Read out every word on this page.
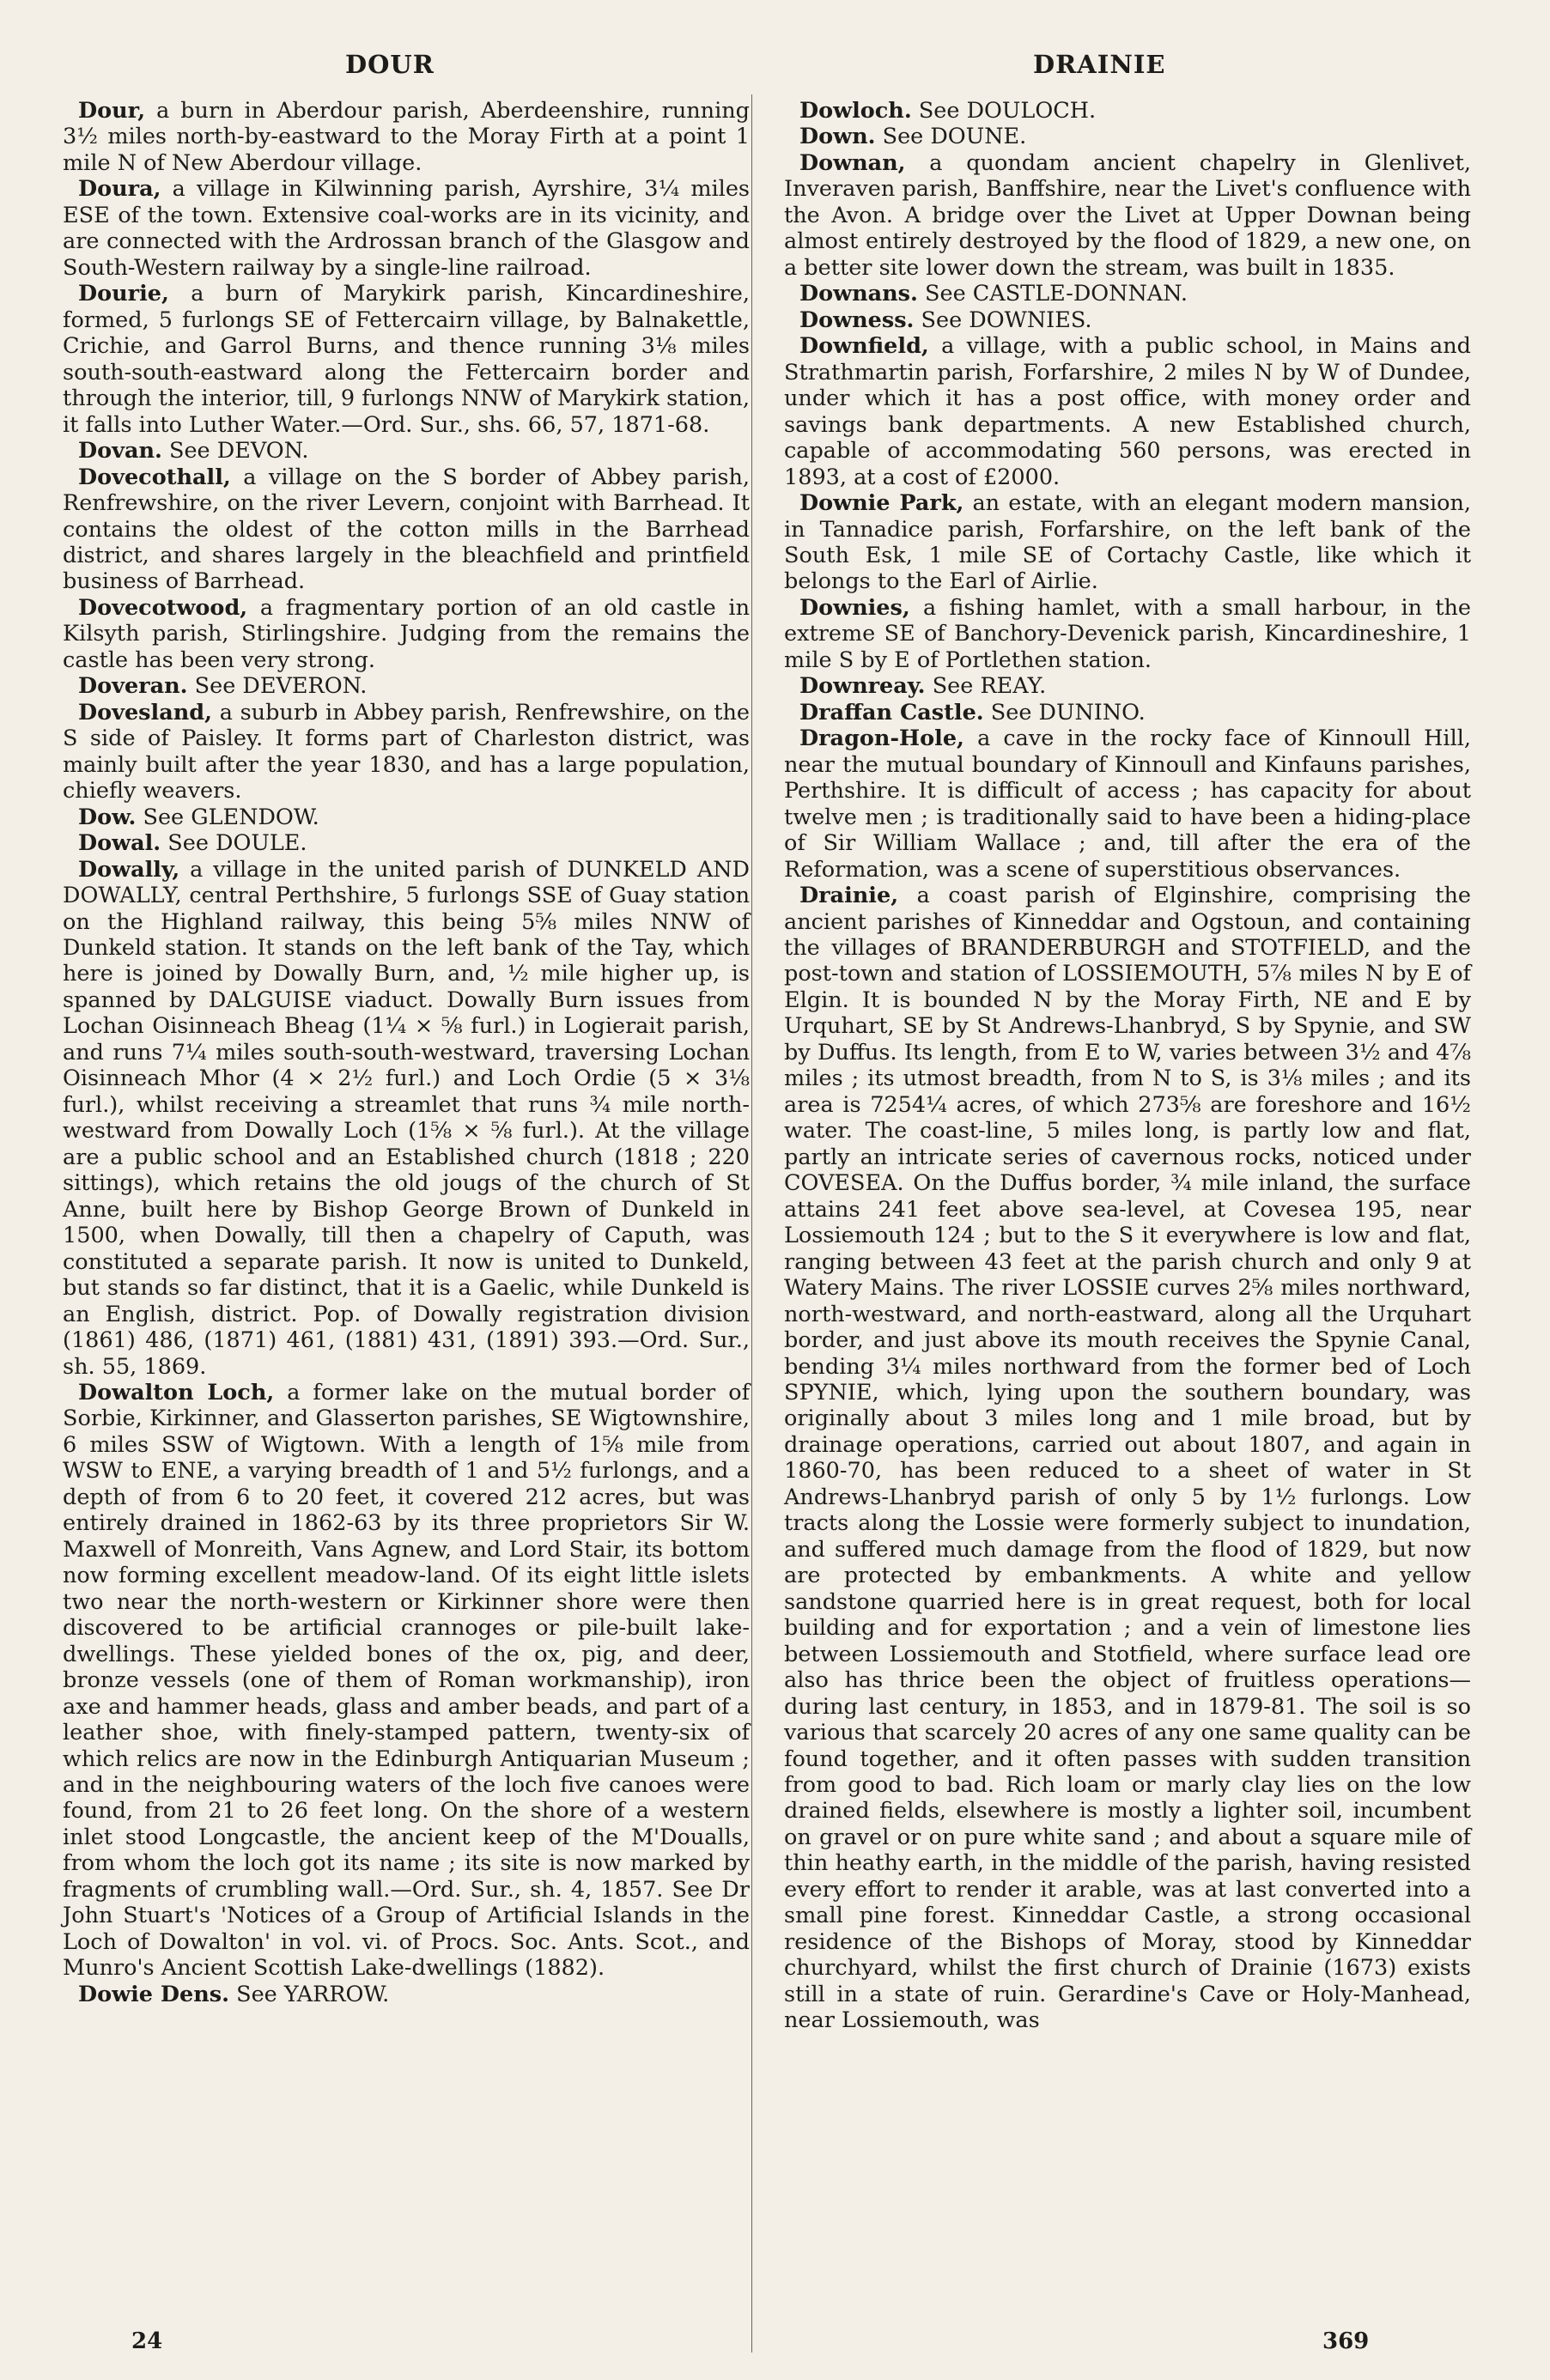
DOUR	DRAINIE

Dour, a burn in Aberdour parish, Aberdeenshire, running 3½ miles north-by-eastward to the Moray Firth at a point 1 mile N of New Aberdour village.

Doura, a village in Kilwinning parish, Ayrshire, 3¼ miles ESE of the town. Extensive coal-works are in its vicinity, and are connected with the Ardrossan branch of the Glasgow and South-Western railway by a single-line railroad.

Dourie, a burn of Marykirk parish, Kincardineshire, formed, 5 furlongs SE of Fettercairn village, by Balnakettle, Crichie, and Garrol Burns, and thence running 3⅛ miles south-south-eastward along the Fettercairn border and through the interior, till, 9 furlongs NNW of Marykirk station, it falls into Luther Water.—Ord. Sur., shs. 66, 57, 1871-68.

Dovan. See DEVON.

Dovecothall, a village on the S border of Abbey parish, Renfrewshire, on the river Levern, conjoint with Barrhead. It contains the oldest of the cotton mills in the Barrhead district, and shares largely in the bleachfield and printfield business of Barrhead.

Dovecotwood, a fragmentary portion of an old castle in Kilsyth parish, Stirlingshire. Judging from the remains the castle has been very strong.

Doveran. See DEVERON.

Dovesland, a suburb in Abbey parish, Renfrewshire, on the S side of Paisley. It forms part of Charleston district, was mainly built after the year 1830, and has a large population, chiefly weavers.

Dow. See GLENDOW.

Dowal. See DOULE.

Dowally, a village in the united parish of DUNKELD AND DOWALLY, central Perthshire, 5 furlongs SSE of Guay station on the Highland railway, this being 5⅝ miles NNW of Dunkeld station. It stands on the left bank of the Tay, which here is joined by Dowally Burn, and, ½ mile higher up, is spanned by DALGUISE viaduct. Dowally Burn issues from Lochan Oisinneach Bheag (1¼ × ⅝ furl.) in Logierait parish, and runs 7¼ miles south-south-westward, traversing Lochan Oisinneach Mhor (4 × 2½ furl.) and Loch Ordie (5 × 3⅛ furl.), whilst receiving a streamlet that runs ¾ mile north-westward from Dowally Loch (1⅝ × ⅝ furl.). At the village are a public school and an Established church (1818 ; 220 sittings), which retains the old jougs of the church of St Anne, built here by Bishop George Brown of Dunkeld in 1500, when Dowally, till then a chapelry of Caputh, was constituted a separate parish. It now is united to Dunkeld, but stands so far distinct, that it is a Gaelic, while Dunkeld is an English, district. Pop. of Dowally registration division (1861) 486, (1871) 461, (1881) 431, (1891) 393.—Ord. Sur., sh. 55, 1869.

Dowalton Loch, a former lake on the mutual border of Sorbie, Kirkinner, and Glasserton parishes, SE Wigtownshire, 6 miles SSW of Wigtown. With a length of 1⅝ mile from WSW to ENE, a varying breadth of 1 and 5½ furlongs, and a depth of from 6 to 20 feet, it covered 212 acres, but was entirely drained in 1862-63 by its three proprietors Sir W. Maxwell of Monreith, Vans Agnew, and Lord Stair, its bottom now forming excellent meadow-land. Of its eight little islets two near the north-western or Kirkinner shore were then discovered to be artificial crannoges or pile-built lake-dwellings. These yielded bones of the ox, pig, and deer, bronze vessels (one of them of Roman workmanship), iron axe and hammer heads, glass and amber beads, and part of a leather shoe, with finely-stamped pattern, twenty-six of which relics are now in the Edinburgh Antiquarian Museum ; and in the neighbouring waters of the loch five canoes were found, from 21 to 26 feet long. On the shore of a western inlet stood Longcastle, the ancient keep of the M'Doualls, from whom the loch got its name ; its site is now marked by fragments of crumbling wall.—Ord. Sur., sh. 4, 1857. See Dr John Stuart's 'Notices of a Group of Artificial Islands in the Loch of Dowalton' in vol. vi. of Procs. Soc. Ants. Scot., and Munro's Ancient Scottish Lake-dwellings (1882).

Dowie Dens. See YARROW.

Dowloch. See DOULOCH.

Down. See DOUNE.

Downan, a quondam ancient chapelry in Glenlivet, Inveraven parish, Banffshire, near the Livet's confluence with the Avon. A bridge over the Livet at Upper Downan being almost entirely destroyed by the flood of 1829, a new one, on a better site lower down the stream, was built in 1835.

Downans. See CASTLE-DONNAN.

Downess. See DOWNIES.

Downfield, a village, with a public school, in Mains and Strathmartin parish, Forfarshire, 2 miles N by W of Dundee, under which it has a post office, with money order and savings bank departments. A new Established church, capable of accommodating 560 persons, was erected in 1893, at a cost of £2000.

Downie Park, an estate, with an elegant modern mansion, in Tannadice parish, Forfarshire, on the left bank of the South Esk, 1 mile SE of Cortachy Castle, like which it belongs to the Earl of Airlie.

Downies, a fishing hamlet, with a small harbour, in the extreme SE of Banchory-Devenick parish, Kincardineshire, 1 mile S by E of Portlethen station.

Downreay. See REAY.

Draffan Castle. See DUNINO.

Dragon-Hole, a cave in the rocky face of Kinnoull Hill, near the mutual boundary of Kinnoull and Kinfauns parishes, Perthshire. It is difficult of access ; has capacity for about twelve men ; is traditionally said to have been a hiding-place of Sir William Wallace ; and, till after the era of the Reformation, was a scene of superstitious observances.

Drainie, a coast parish of Elginshire, comprising the ancient parishes of Kinneddar and Ogstoun, and containing the villages of BRANDERBURGH and STOTFIELD, and the post-town and station of LOSSIEMOUTH, 5⅞ miles N by E of Elgin. It is bounded N by the Moray Firth, NE and E by Urquhart, SE by St Andrews-Lhanbryd, S by Spynie, and SW by Duffus. Its length, from E to W, varies between 3½ and 4⅞ miles ; its utmost breadth, from N to S, is 3⅛ miles ; and its area is 7254¼ acres, of which 273⅝ are foreshore and 16½ water. The coast-line, 5 miles long, is partly low and flat, partly an intricate series of cavernous rocks, noticed under COVESEA. On the Duffus border, ¾ mile inland, the surface attains 241 feet above sea-level, at Covesea 195, near Lossiemouth 124 ; but to the S it everywhere is low and flat, ranging between 43 feet at the parish church and only 9 at Watery Mains. The river LOSSIE curves 2⅝ miles northward, north-westward, and north-eastward, along all the Urquhart border, and just above its mouth receives the Spynie Canal, bending 3¼ miles northward from the former bed of Loch SPYNIE, which, lying upon the southern boundary, was originally about 3 miles long and 1 mile broad, but by drainage operations, carried out about 1807, and again in 1860-70, has been reduced to a sheet of water in St Andrews-Lhanbryd parish of only 5 by 1½ furlongs. Low tracts along the Lossie were formerly subject to inundation, and suffered much damage from the flood of 1829, but now are protected by embankments. A white and yellow sandstone quarried here is in great request, both for local building and for exportation ; and a vein of limestone lies between Lossiemouth and Stotfield, where surface lead ore also has thrice been the object of fruitless operations—during last century, in 1853, and in 1879-81. The soil is so various that scarcely 20 acres of any one same quality can be found together, and it often passes with sudden transition from good to bad. Rich loam or marly clay lies on the low drained fields, elsewhere is mostly a lighter soil, incumbent on gravel or on pure white sand ; and about a square mile of thin heathy earth, in the middle of the parish, having resisted every effort to render it arable, was at last converted into a small pine forest. Kinneddar Castle, a strong occasional residence of the Bishops of Moray, stood by Kinneddar churchyard, whilst the first church of Drainie (1673) exists still in a state of ruin. Gerardine's Cave or Holy-Manhead, near Lossiemouth, was

24	369
